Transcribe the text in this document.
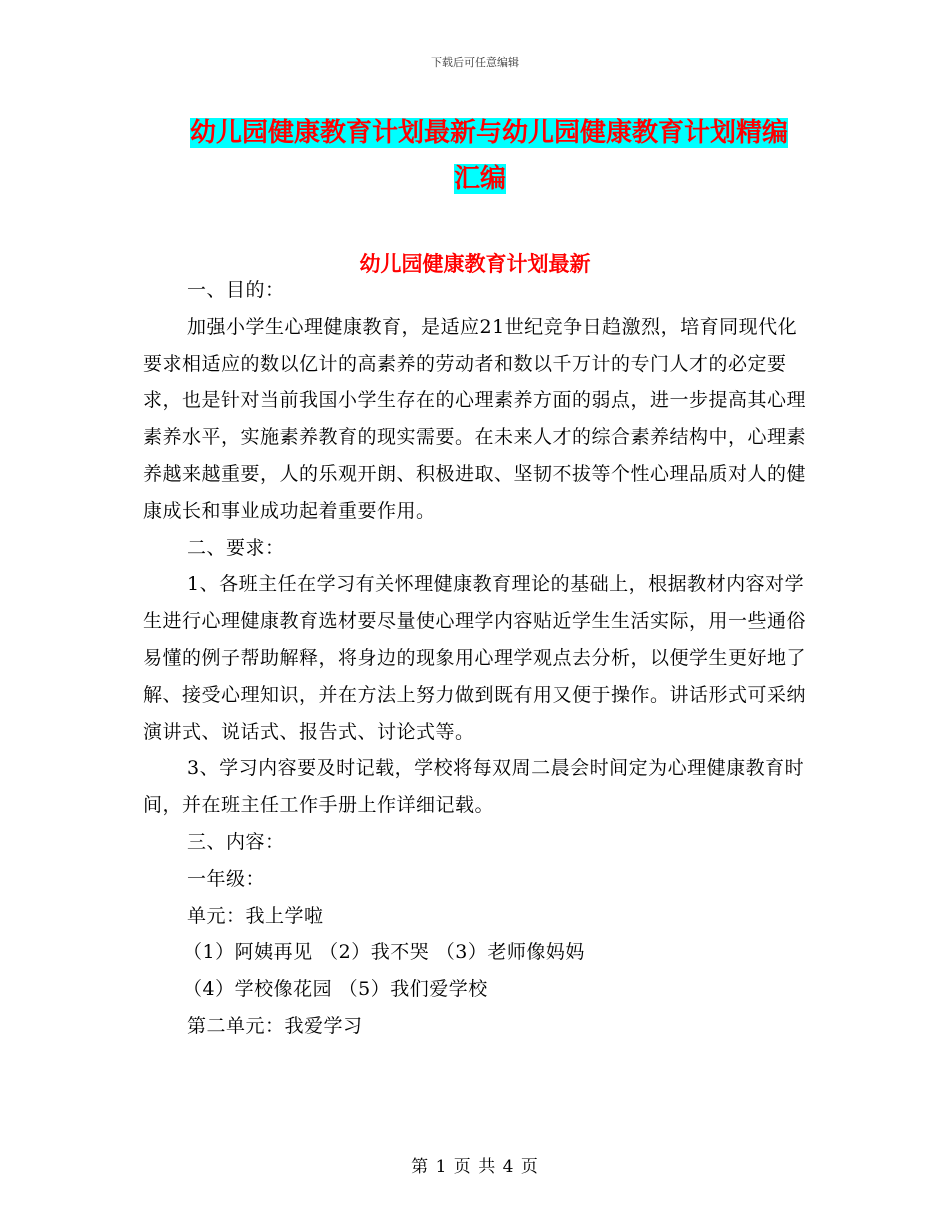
下载后可任意编辑
幼儿园健康教育计划最新与幼儿园健康教育计划精编
汇编
幼儿园健康教育计划最新

一、目的：

加强小学生心理健康教育，是适应21世纪竞争日趋激烈，培育同现代化要求相适应的数以亿计的高素养的劳动者和数以千万计的专门人才的必定要求，也是针对当前我国小学生存在的心理素养方面的弱点，进一步提高其心理素养水平，实施素养教育的现实需要。在未来人才的综合素养结构中，心理素养越来越重要，人的乐观开朗、积极进取、坚韧不拔等个性心理品质对人的健康成长和事业成功起着重要作用。

二、要求：

1、各班主任在学习有关怀理健康教育理论的基础上，根据教材内容对学生进行心理健康教育选材要尽量使心理学内容贴近学生生活实际，用一些通俗易懂的例子帮助解释，将身边的现象用心理学观点去分析，以便学生更好地了解、接受心理知识，并在方法上努力做到既有用又便于操作。讲话形式可采纳演讲式、说话式、报告式、讨论式等。

3、学习内容要及时记载，学校将每双周二晨会时间定为心理健康教育时间，并在班主任工作手册上作详细记载。

三、内容：

一年级：

单元：我上学啦

（1）阿姨再见 （2）我不哭 （3）老师像妈妈

（4）学校像花园 （5）我们爱学校

第二单元：我爱学习

第 1 页 共 4 页
